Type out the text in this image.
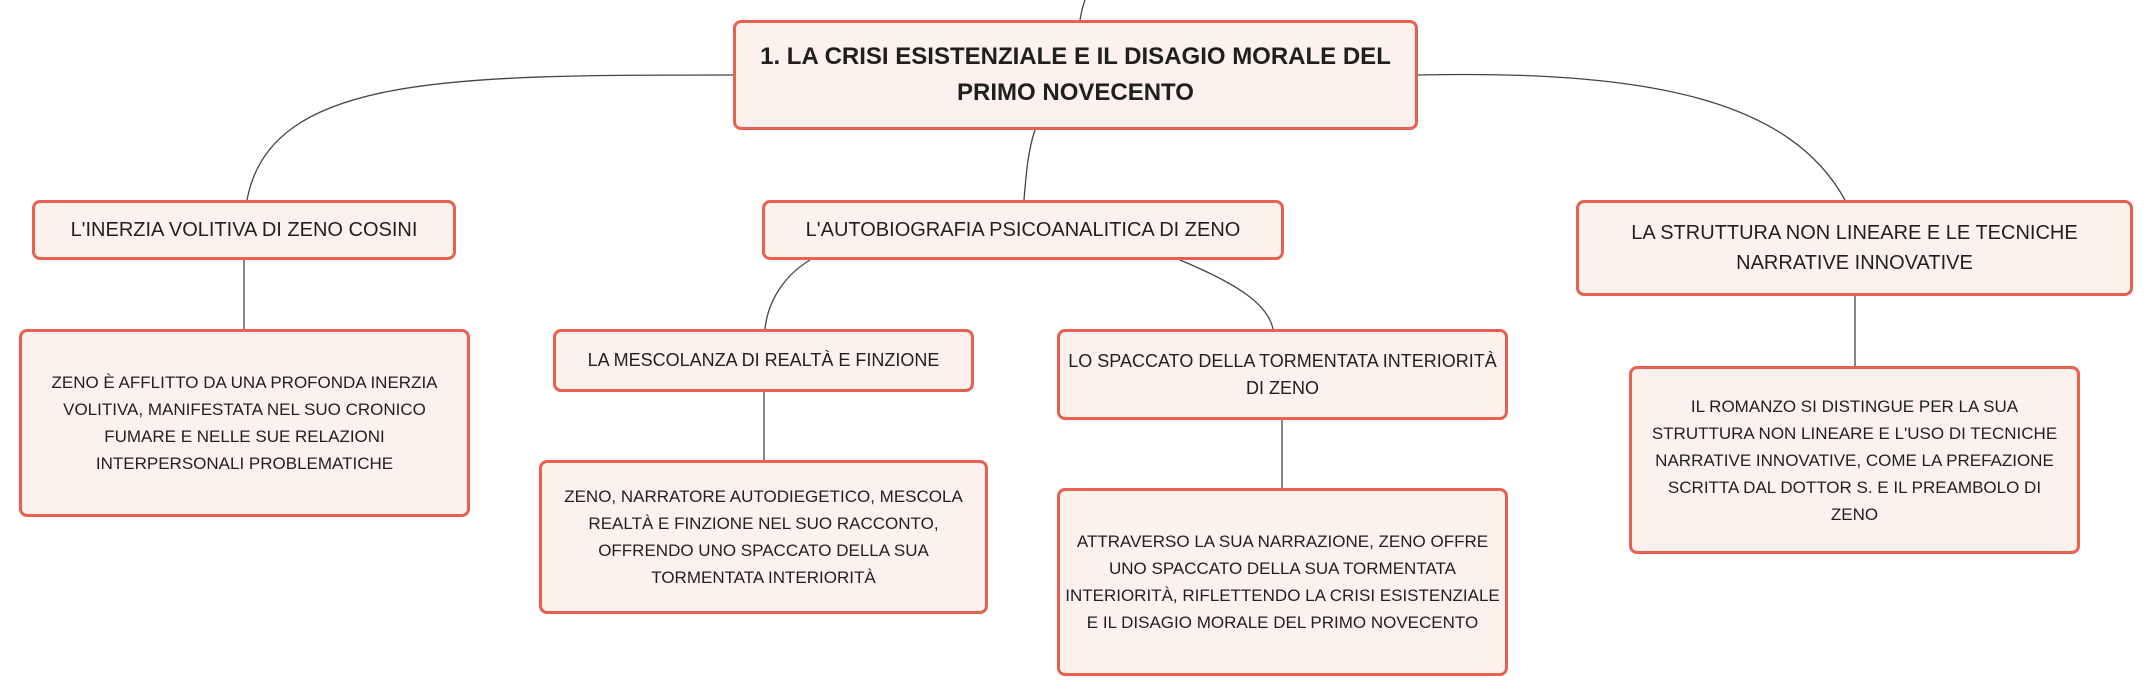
1. LA CRISI ESISTENZIALE E IL DISAGIO MORALE DEL PRIMO NOVECENTO
L'INERZIA VOLITIVA DI ZENO COSINI
ZENO È AFFLITTO DA UNA PROFONDA INERZIA VOLITIVA, MANIFESTATA NEL SUO CRONICO FUMARE E NELLE SUE RELAZIONI INTERPERSONALI PROBLEMATICHE
L'AUTOBIOGRAFIA PSICOANALITICA DI ZENO
LA MESCOLANZA DI REALTÀ E FINZIONE
ZENO, NARRATORE AUTODIEGETICO, MESCOLA REALTÀ E FINZIONE NEL SUO RACCONTO, OFFRENDO UNO SPACCATO DELLA SUA TORMENTATA INTERIORITÀ
LO SPACCATO DELLA TORMENTATA INTERIORITÀ DI ZENO
ATTRAVERSO LA SUA NARRAZIONE, ZENO OFFRE UNO SPACCATO DELLA SUA TORMENTATA INTERIORITÀ, RIFLETTENDO LA CRISI ESISTENZIALE E IL DISAGIO MORALE DEL PRIMO NOVECENTO
LA STRUTTURA NON LINEARE E LE TECNICHE NARRATIVE INNOVATIVE
IL ROMANZO SI DISTINGUE PER LA SUA STRUTTURA NON LINEARE E L'USO DI TECNICHE NARRATIVE INNOVATIVE, COME LA PREFAZIONE SCRITTA DAL DOTTOR S. E IL PREAMBOLO DI ZENO
